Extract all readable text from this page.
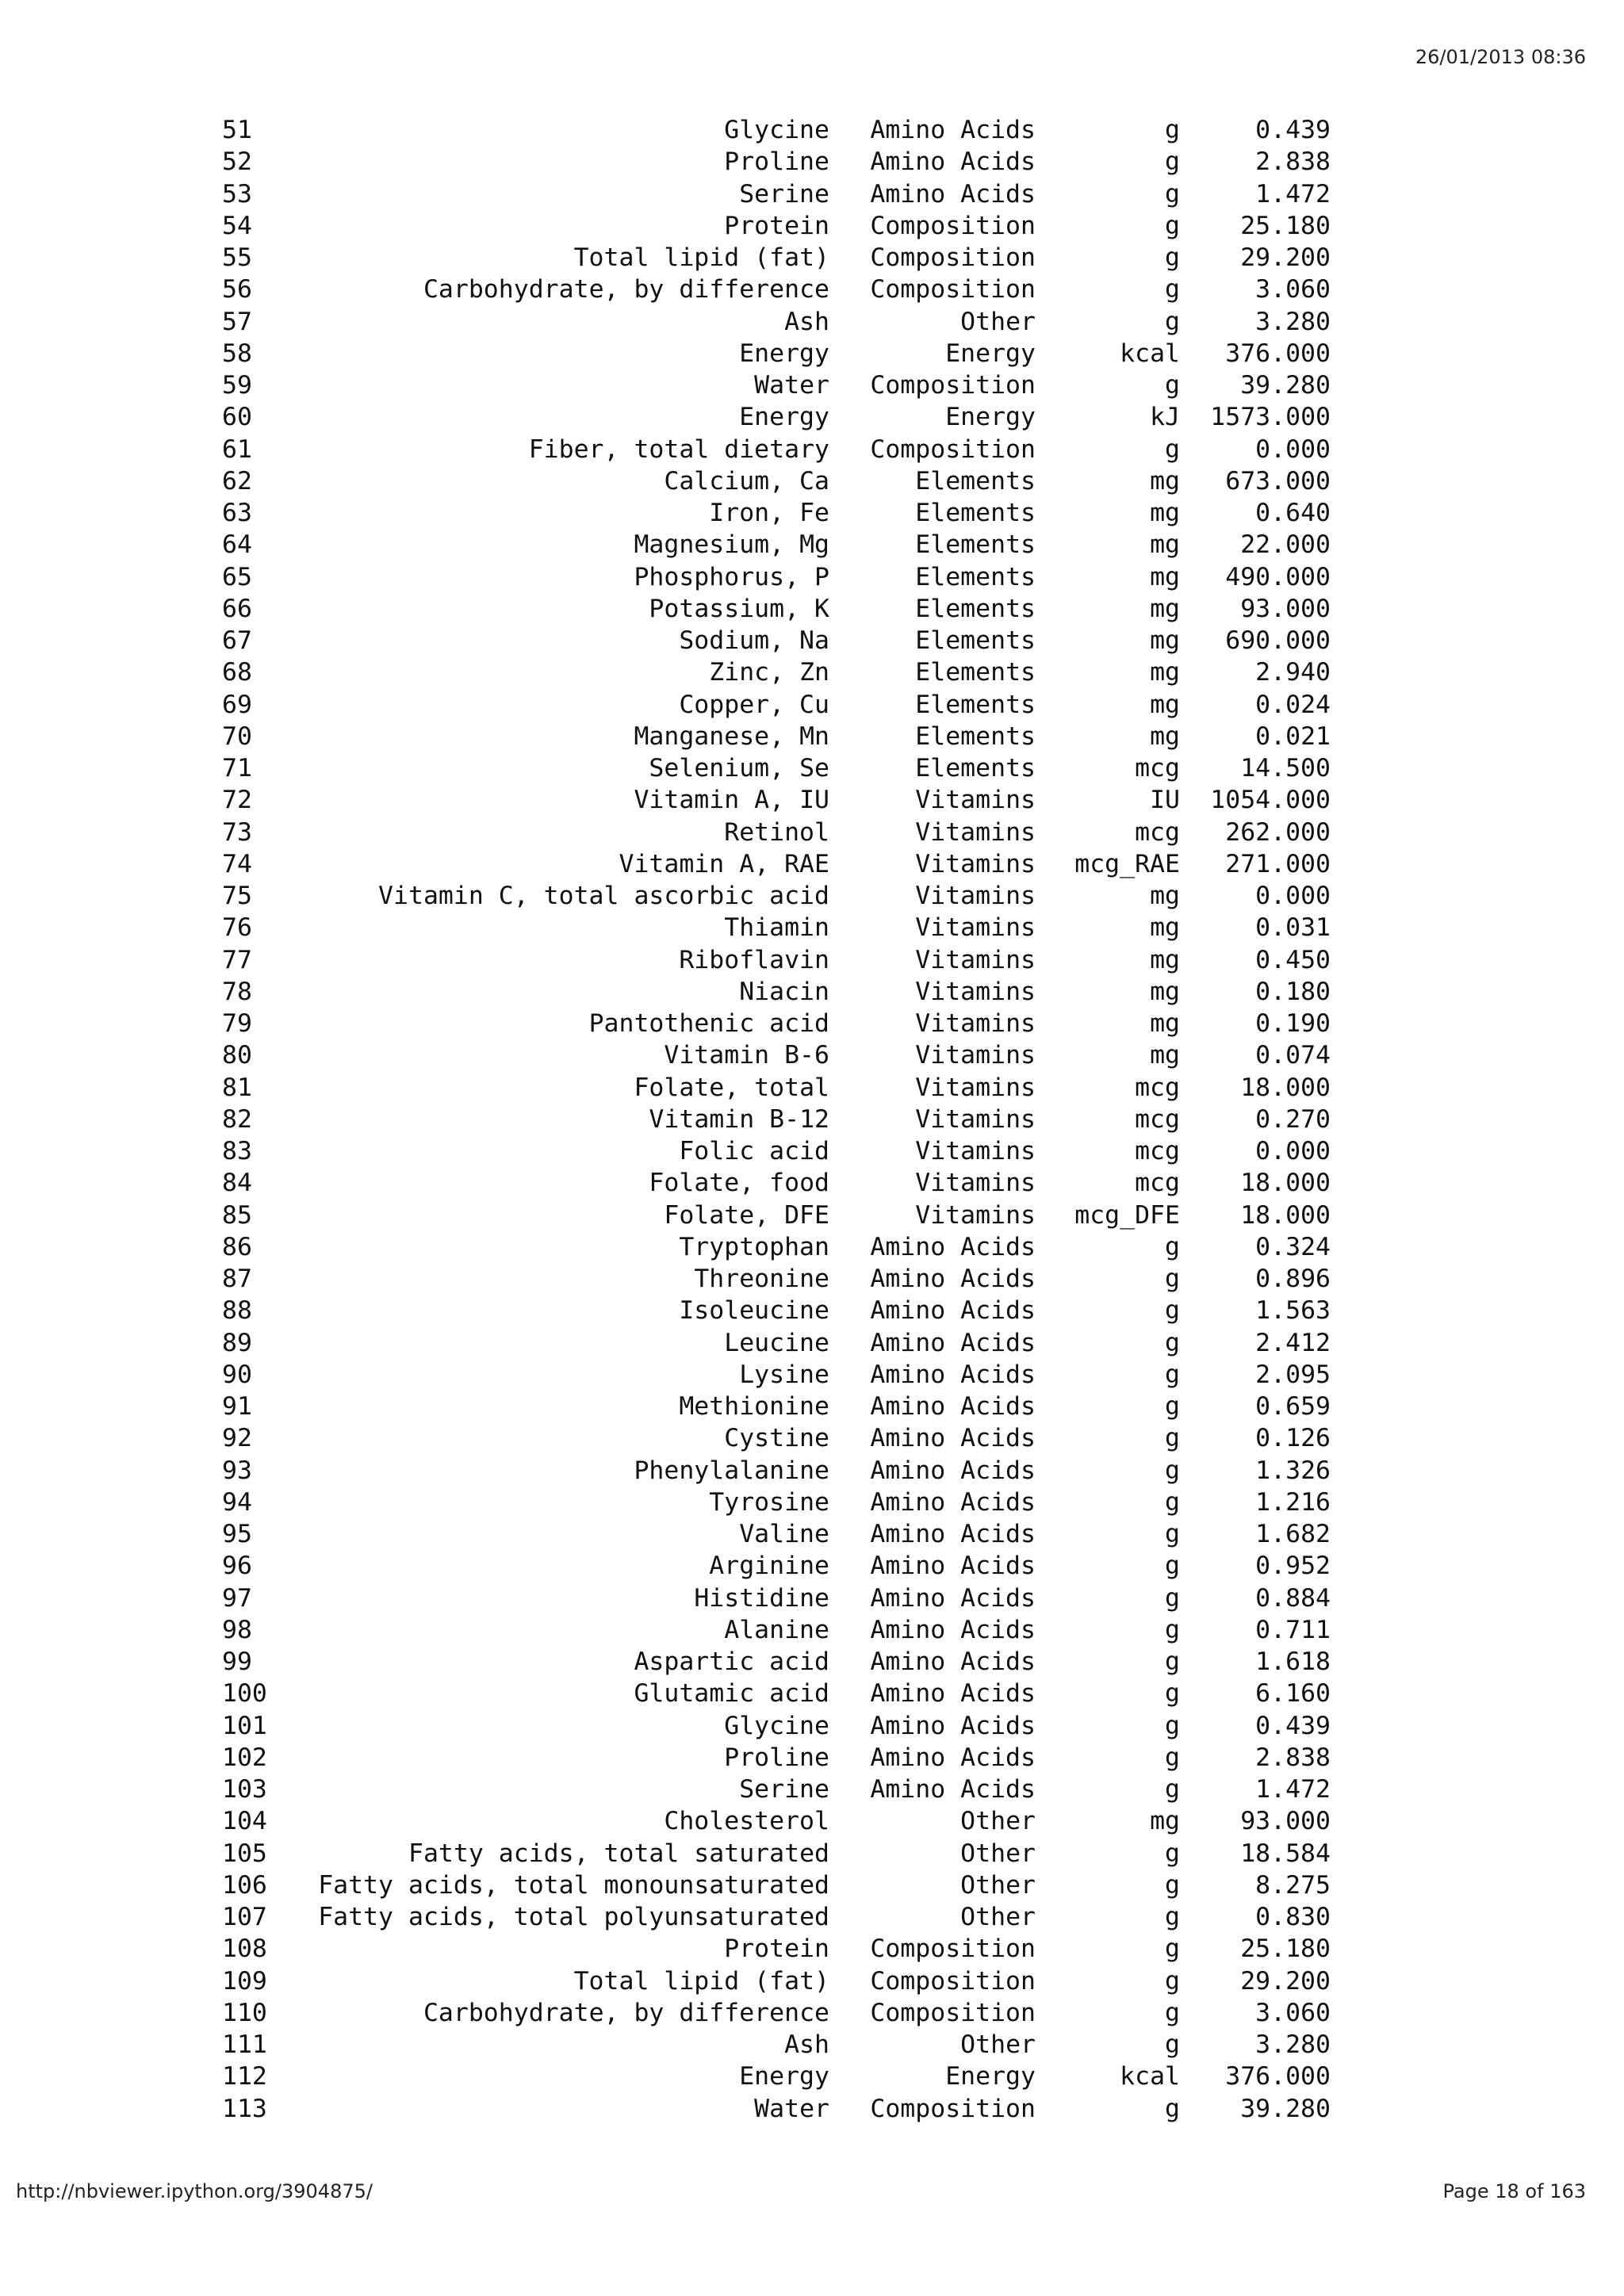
26/01/2013 08:36
51	Glycine	Amino Acids	g	0.439
52	Proline	Amino Acids	g	2.838
53	Serine	Amino Acids	g	1.472
54	Protein	Composition	g	25.180
55	Total lipid (fat)	Composition	g	29.200
56	Carbohydrate, by difference	Composition	g	3.060
57	Ash	Other	g	3.280
58	Energy	Energy	kcal	376.000
59	Water	Composition	g	39.280
60	Energy	Energy	kJ	1573.000
61	Fiber, total dietary	Composition	g	0.000
62	Calcium, Ca	Elements	mg	673.000
63	Iron, Fe	Elements	mg	0.640
64	Magnesium, Mg	Elements	mg	22.000
65	Phosphorus, P	Elements	mg	490.000
66	Potassium, K	Elements	mg	93.000
67	Sodium, Na	Elements	mg	690.000
68	Zinc, Zn	Elements	mg	2.940
69	Copper, Cu	Elements	mg	0.024
70	Manganese, Mn	Elements	mg	0.021
71	Selenium, Se	Elements	mcg	14.500
72	Vitamin A, IU	Vitamins	IU	1054.000
73	Retinol	Vitamins	mcg	262.000
74	Vitamin A, RAE	Vitamins	mcg_RAE	271.000
75	Vitamin C, total ascorbic acid	Vitamins	mg	0.000
76	Thiamin	Vitamins	mg	0.031
77	Riboflavin	Vitamins	mg	0.450
78	Niacin	Vitamins	mg	0.180
79	Pantothenic acid	Vitamins	mg	0.190
80	Vitamin B-6	Vitamins	mg	0.074
81	Folate, total	Vitamins	mcg	18.000
82	Vitamin B-12	Vitamins	mcg	0.270
83	Folic acid	Vitamins	mcg	0.000
84	Folate, food	Vitamins	mcg	18.000
85	Folate, DFE	Vitamins	mcg_DFE	18.000
86	Tryptophan	Amino Acids	g	0.324
87	Threonine	Amino Acids	g	0.896
88	Isoleucine	Amino Acids	g	1.563
89	Leucine	Amino Acids	g	2.412
90	Lysine	Amino Acids	g	2.095
91	Methionine	Amino Acids	g	0.659
92	Cystine	Amino Acids	g	0.126
93	Phenylalanine	Amino Acids	g	1.326
94	Tyrosine	Amino Acids	g	1.216
95	Valine	Amino Acids	g	1.682
96	Arginine	Amino Acids	g	0.952
97	Histidine	Amino Acids	g	0.884
98	Alanine	Amino Acids	g	0.711
99	Aspartic acid	Amino Acids	g	1.618
100	Glutamic acid	Amino Acids	g	6.160
101	Glycine	Amino Acids	g	0.439
102	Proline	Amino Acids	g	2.838
103	Serine	Amino Acids	g	1.472
104	Cholesterol	Other	mg	93.000
105	Fatty acids, total saturated	Other	g	18.584
106	Fatty acids, total monounsaturated	Other	g	8.275
107	Fatty acids, total polyunsaturated	Other	g	0.830
108	Protein	Composition	g	25.180
109	Total lipid (fat)	Composition	g	29.200
110	Carbohydrate, by difference	Composition	g	3.060
111	Ash	Other	g	3.280
112	Energy	Energy	kcal	376.000
113	Water	Composition	g	39.280
http://nbviewer.ipython.org/3904875/	Page 18 of 163
